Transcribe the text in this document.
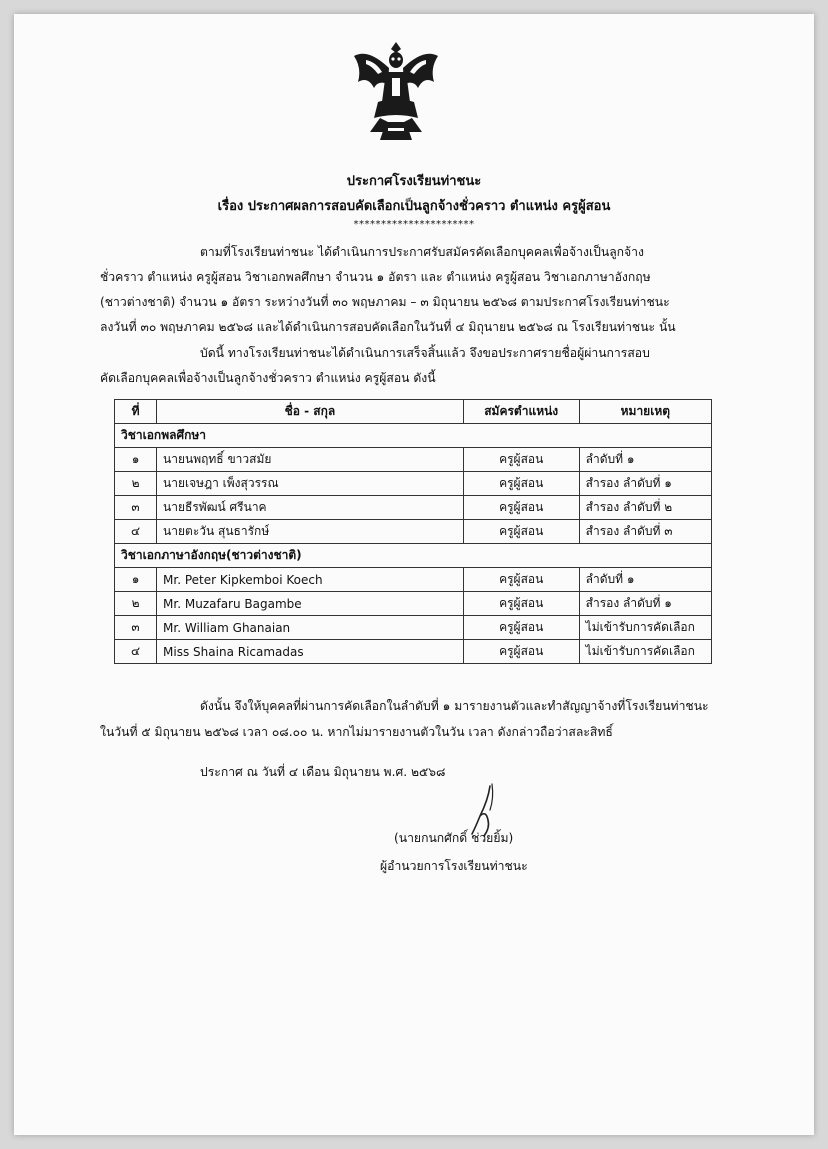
ประกาศโรงเรียนท่าชนะ
เรื่อง ประกาศผลการสอบคัดเลือกเป็นลูกจ้างชั่วคราว ตำแหน่ง ครูผู้สอน
**********************
ตามที่โรงเรียนท่าชนะ ได้ดำเนินการประกาศรับสมัครคัดเลือกบุคคลเพื่อจ้างเป็นลูกจ้าง
ชั่วคราว ตำแหน่ง ครูผู้สอน วิชาเอกพลศึกษา จำนวน ๑ อัตรา และ ตำแหน่ง ครูผู้สอน วิชาเอกภาษาอังกฤษ
(ชาวต่างชาติ) จำนวน ๑ อัตรา ระหว่างวันที่ ๓๐ พฤษภาคม – ๓ มิถุนายน ๒๕๖๘ ตามประกาศโรงเรียนท่าชนะ
ลงวันที่ ๓๐ พฤษภาคม ๒๕๖๘ และได้ดำเนินการสอบคัดเลือกในวันที่ ๔ มิถุนายน ๒๕๖๘ ณ โรงเรียนท่าชนะ นั้น
บัดนี้ ทางโรงเรียนท่าชนะได้ดำเนินการเสร็จสิ้นแล้ว จึงขอประกาศรายชื่อผู้ผ่านการสอบ
คัดเลือกบุคคลเพื่อจ้างเป็นลูกจ้างชั่วคราว ตำแหน่ง ครูผู้สอน ดังนี้
ที่	ชื่อ - สกุล	สมัครตำแหน่ง	หมายเหตุ
วิชาเอกพลศึกษา			
๑	นายนพฤทธิ์ ขาวสมัย	ครูผู้สอน	ลำดับที่ ๑
๒	นายเจษฎา เพ็งสุวรรณ	ครูผู้สอน	สำรอง ลำดับที่ ๑
๓	นายธีรพัฒน์ ศรีนาค	ครูผู้สอน	สำรอง ลำดับที่ ๒
๔	นายตะวัน สุนธารักษ์	ครูผู้สอน	สำรอง ลำดับที่ ๓
วิชาเอกภาษาอังกฤษ(ชาวต่างชาติ)			
๑	Mr. Peter Kipkemboi Koech	ครูผู้สอน	ลำดับที่ ๑
๒	Mr. Muzafaru Bagambe	ครูผู้สอน	สำรอง ลำดับที่ ๑
๓	Mr. William Ghanaian	ครูผู้สอน	ไม่เข้ารับการคัดเลือก
๔	Miss Shaina Ricamadas	ครูผู้สอน	ไม่เข้ารับการคัดเลือก
ดังนั้น จึงให้บุคคลที่ผ่านการคัดเลือกในลำดับที่ ๑ มารายงานตัวและทำสัญญาจ้างที่โรงเรียนท่าชนะ
ในวันที่ ๕ มิถุนายน ๒๕๖๘ เวลา ๐๘.๐๐ น. หากไม่มารายงานตัวในวัน เวลา ดังกล่าวถือว่าสละสิทธิ์
ประกาศ ณ วันที่ ๔ เดือน มิถุนายน พ.ศ. ๒๕๖๘
(นายกนกศักดิ์ ช่วยยิ้ม)
ผู้อำนวยการโรงเรียนท่าชนะ
